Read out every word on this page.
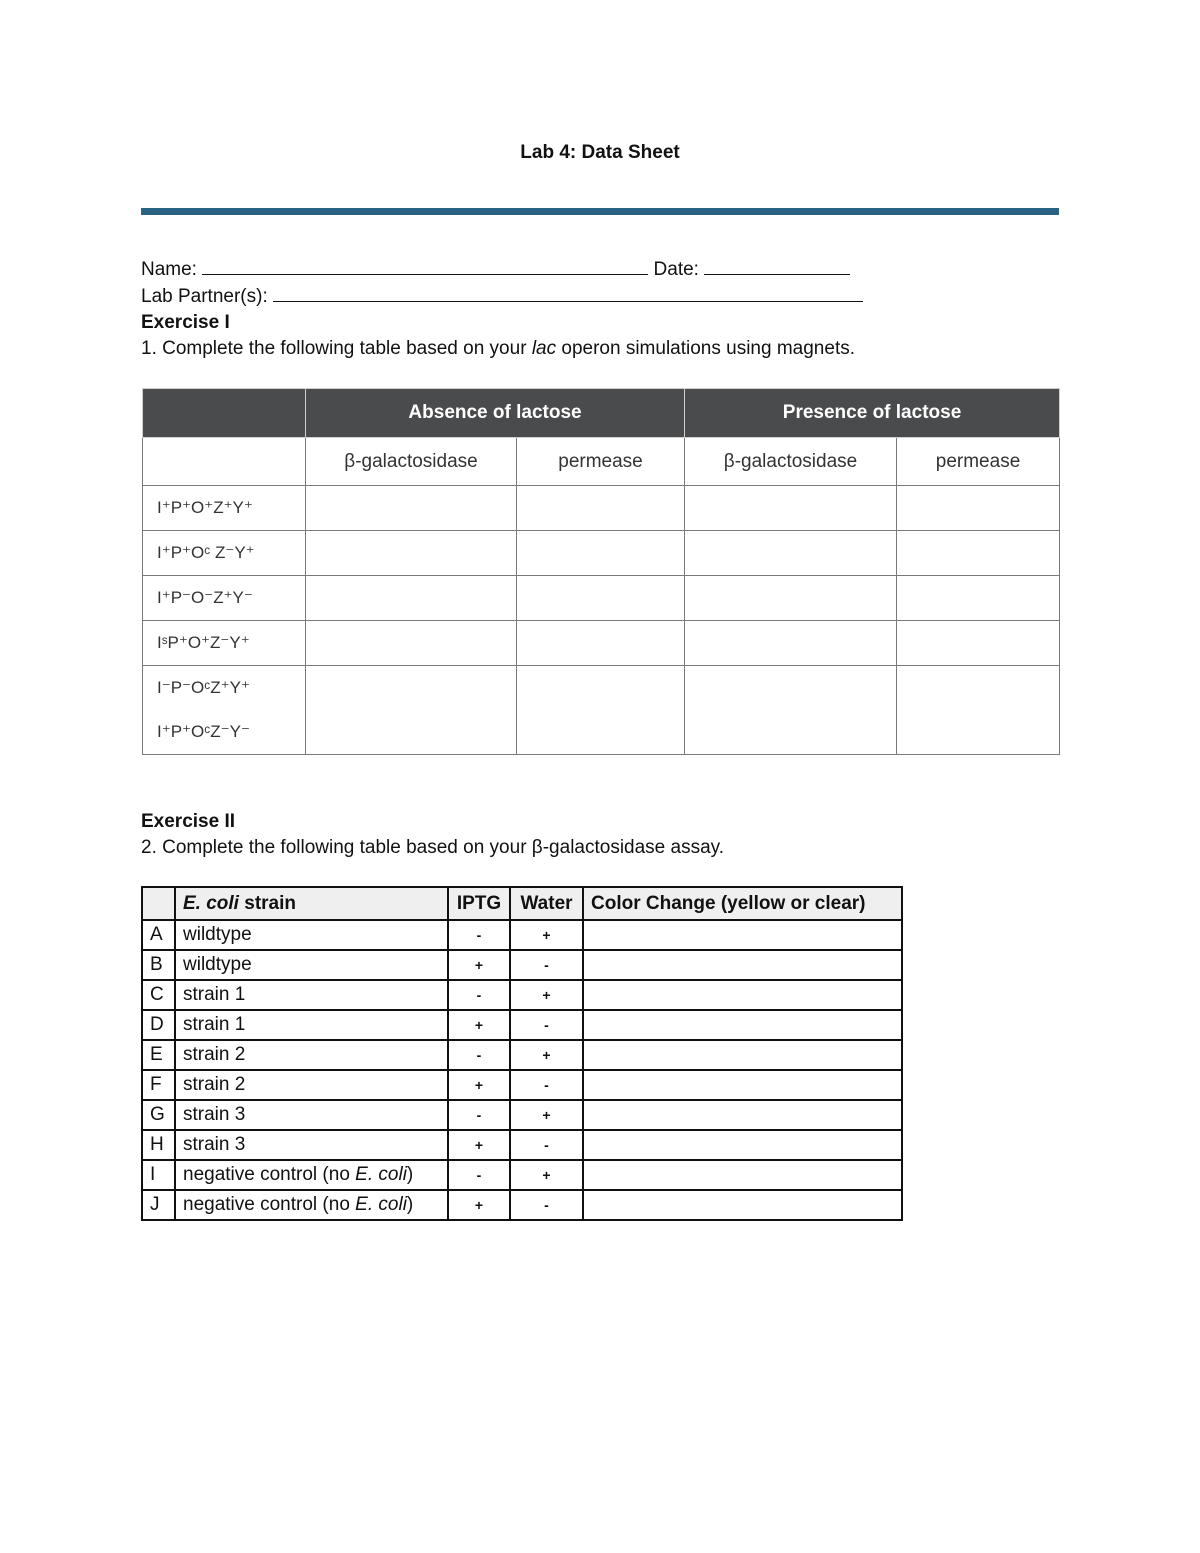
Lab 4: Data Sheet
Name:	Date:
Lab Partner(s):
Exercise I
1. Complete the following table based on your lac operon simulations using magnets.
	Absence of lactose		Presence of lactose	
	β-galactosidase	permease	β-galactosidase	permease
I⁺P⁺O⁺Z⁺Y⁺				
I⁺P⁺Oᶜ Z⁻Y⁺				
I⁺P⁻O⁻Z⁺Y⁻				
IˢP⁺O⁺Z⁻Y⁺				

I⁻P⁻OᶜZ⁺Y⁺
I⁺P⁺OᶜZ⁻Y⁻				

Exercise II
2. Complete the following table based on your β-galactosidase assay.
	E. coli strain	IPTG	Water	Color Change (yellow or clear)
A	wildtype	-	+	
B	wildtype	+	-	
C	strain 1	-	+	
D	strain 1	+	-	
E	strain 2	-	+	
F	strain 2	+	-	
G	strain 3	-	+	
H	strain 3	+	-	
I	negative control (no E. coli)	-	+	
J	negative control (no E. coli)	+	-	
